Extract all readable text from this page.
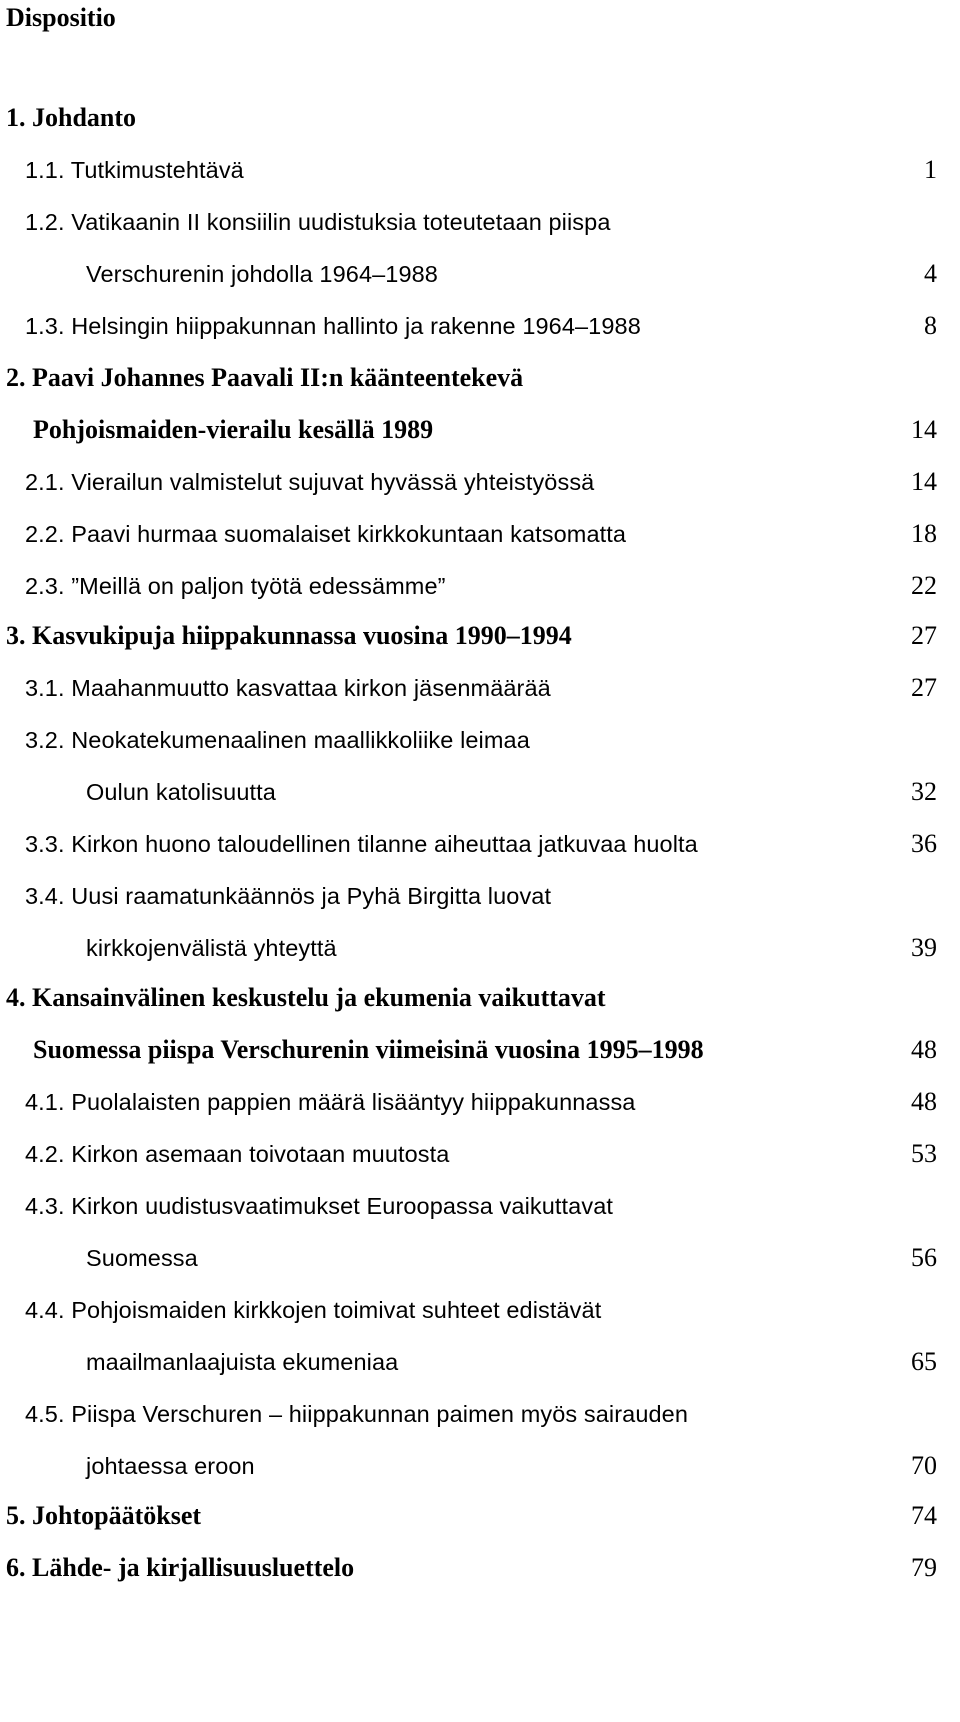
Dispositio
1. Johdanto
1.1. Tutkimustehtävä	1
1.2. Vatikaanin II konsiilin uudistuksia toteutetaan piispa
Verschurenin johdolla 1964–1988	4
1.3. Helsingin hiippakunnan hallinto ja rakenne 1964–1988	8
2. Paavi Johannes Paavali II:n käänteentekevä
Pohjoismaiden-vierailu kesällä 1989	14
2.1. Vierailun valmistelut sujuvat hyvässä yhteistyössä	14
2.2. Paavi hurmaa suomalaiset kirkkokuntaan katsomatta	18
2.3. ”Meillä on paljon työtä edessämme”	22
3. Kasvukipuja hiippakunnassa vuosina 1990–1994	27
3.1. Maahanmuutto kasvattaa kirkon jäsenmäärää	27
3.2. Neokatekumenaalinen maallikkoliike leimaa
Oulun katolisuutta	32
3.3. Kirkon huono taloudellinen tilanne aiheuttaa jatkuvaa huolta	36
3.4. Uusi raamatunkäännös ja Pyhä Birgitta luovat
kirkkojenvälistä yhteyttä	39
4. Kansainvälinen keskustelu ja ekumenia vaikuttavat
Suomessa piispa Verschurenin viimeisinä vuosina 1995–1998	48
4.1. Puolalaisten pappien määrä lisääntyy hiippakunnassa	48
4.2. Kirkon asemaan toivotaan muutosta	53
4.3. Kirkon uudistusvaatimukset Euroopassa vaikuttavat
Suomessa	56
4.4. Pohjoismaiden kirkkojen toimivat suhteet edistävät
maailmanlaajuista ekumeniaa	65
4.5. Piispa Verschuren – hiippakunnan paimen myös sairauden
johtaessa eroon	70
5. Johtopäätökset	74
6. Lähde- ja kirjallisuusluettelo	79
